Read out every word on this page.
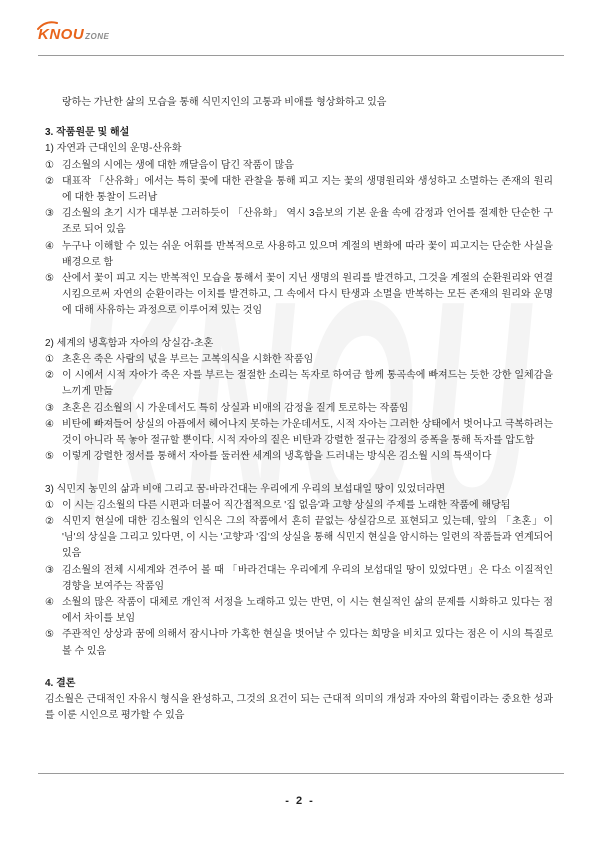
KNOUZONE
랑하는 가난한 삶의 모습을 통해 식민지인의 고통과 비애를 형상화하고 있음
3. 작품원문 및 해설
1) 자연과 근대인의 운명-산유화
① 김소월의 시에는 생에 대한 깨달음이 담긴 작품이 많음
② 대표작 「산유화」에서는 특히 꽃에 대한 관찰을 통해 피고 지는 꽃의 생명원리와 생성하고 소멸하는 존재의 원리에 대한 통찰이 드러남
③ 김소월의 초기 시가 대부분 그러하듯이 「산유화」 역시 3음보의 기본 운율 속에 감정과 언어를 절제한 단순한 구조로 되어 있음
④ 누구나 이해할 수 있는 쉬운 어휘를 반복적으로 사용하고 있으며 계절의 변화에 따라 꽃이 피고지는 단순한 사실을 배경으로 함
⑤ 산에서 꽃이 피고 지는 반복적인 모습을 통해서 꽃이 지닌 생명의 원리를 발견하고, 그것을 계절의 순환원리와 연결시킴으로써 자연의 순환이라는 이치를 발견하고, 그 속에서 다시 탄생과 소멸을 반복하는 모든 존재의 원리와 운명에 대해 사유하는 과정으로 이루어져 있는 것임
2) 세계의 냉혹함과 자아의 상실감-초혼
① 초혼은 죽은 사람의 넋을 부르는 고복의식을 시화한 작품임
② 이 시에서 시적 자아가 죽은 자를 부르는 절절한 소리는 독자로 하여금 함께 통곡속에 빠져드는 듯한 강한 일체감을 느끼게 만듦
③ 초혼은 김소월의 시 가운데서도 특히 상실과 비애의 감정을 짙게 토로하는 작품임
④ 비탄에 빠져들어 상실의 아픔에서 헤어나지 못하는 가운데서도, 시적 자아는 그러한 상태에서 벗어나고 극복하려는 것이 아니라 목 놓아 절규할 뿐이다. 시적 자아의 짙은 비탄과 강렬한 절규는 감정의 증폭을 통해 독자를 압도함
⑤ 이렇게 강렬한 정서를 통해서 자아를 둘러싼 세계의 냉혹함을 드러내는 방식은 김소월 시의 특색이다
3) 식민지 농민의 삶과 비애 그리고 꿈-바라건대는 우리에게 우리의 보섭대일 땅이 있었더라면
① 이 시는 김소월의 다른 시편과 더불어 직간접적으로 '집 없음'과 고향 상실의 주제를 노래한 작품에 해당됨
② 식민지 현실에 대한 김소월의 인식은 그의 작품에서 흔히 끝없는 상실감으로 표현되고 있는데, 앞의 「초혼」이 '님'의 상실을 그리고 있다면, 이 시는 '고향'과 '집'의 상실을 통해 식민지 현실을 암시하는 일련의 작품들과 연계되어 있음
③ 김소월의 전체 시세계와 견주어 볼 때 「바라건대는 우리에게 우리의 보섭대일 땅이 있었다면」은 다소 이질적인 경향을 보여주는 작품임
④ 소월의 많은 작품이 대체로 개인적 서정을 노래하고 있는 반면, 이 시는 현실적인 삶의 문제를 시화하고 있다는 점에서 차이를 보임
⑤ 주관적인 상상과 꿈에 의해서 잠시나마 가혹한 현실을 벗어날 수 있다는 희망을 비치고 있다는 점은 이 시의 특질로 볼 수 있음
4. 결론
김소월은 근대적인 자유시 형식을 완성하고, 그것의 요건이 되는 근대적 의미의 개성과 자아의 확립이라는 중요한 성과를 이룬 시인으로 평가할 수 있음
- 2 -
